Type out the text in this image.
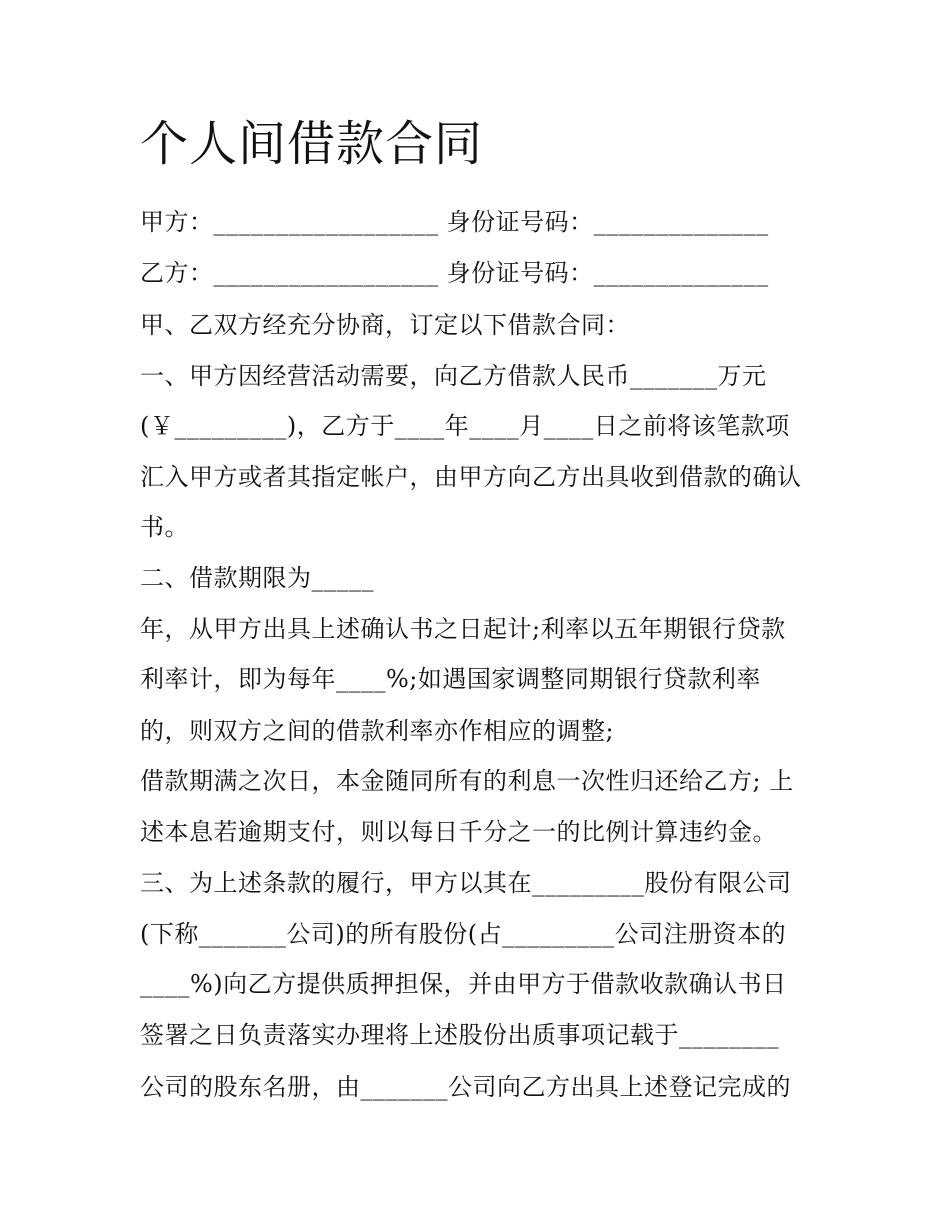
个人间借款合同
甲方：__________________ 身份证号码：______________
乙方：__________________ 身份证号码：______________
甲、乙双方经充分协商，订定以下借款合同：
一、甲方因经营活动需要，向乙方借款人民币_______万元
(￥_________)，乙方于____年____月____日之前将该笔款项
汇入甲方或者其指定帐户，由甲方向乙方出具收到借款的确认
书。
二、借款期限为_____
年，从甲方出具上述确认书之日起计;利率以五年期银行贷款
利率计，即为每年____%;如遇国家调整同期银行贷款利率
的，则双方之间的借款利率亦作相应的调整;
借款期满之次日，本金随同所有的利息一次性归还给乙方; 上
述本息若逾期支付，则以每日千分之一的比例计算违约金。
三、为上述条款的履行，甲方以其在_________股份有限公司
(下称_______公司)的所有股份(占_________公司注册资本的
____%)向乙方提供质押担保，并由甲方于借款收款确认书日
签署之日负责落实办理将上述股份出质事项记载于________
公司的股东名册，由_______公司向乙方出具上述登记完成的
